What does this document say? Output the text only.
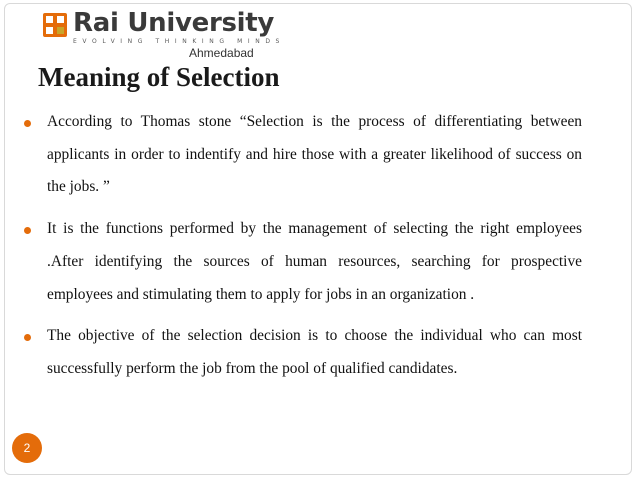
Rai University
EVOLVING THINKING MINDS
Ahmedabad
Meaning of Selection
According to Thomas stone “Selection is the process of differentiating between applicants in order to indentify and hire those with a greater likelihood of success on the jobs. ”
It is the functions performed by the management of selecting the right employees .After identifying the sources of human resources, searching for prospective employees and stimulating them to apply for jobs in an organization .
The objective of the selection decision is to choose the individual who can most successfully perform the job from the pool of qualified candidates.
2
